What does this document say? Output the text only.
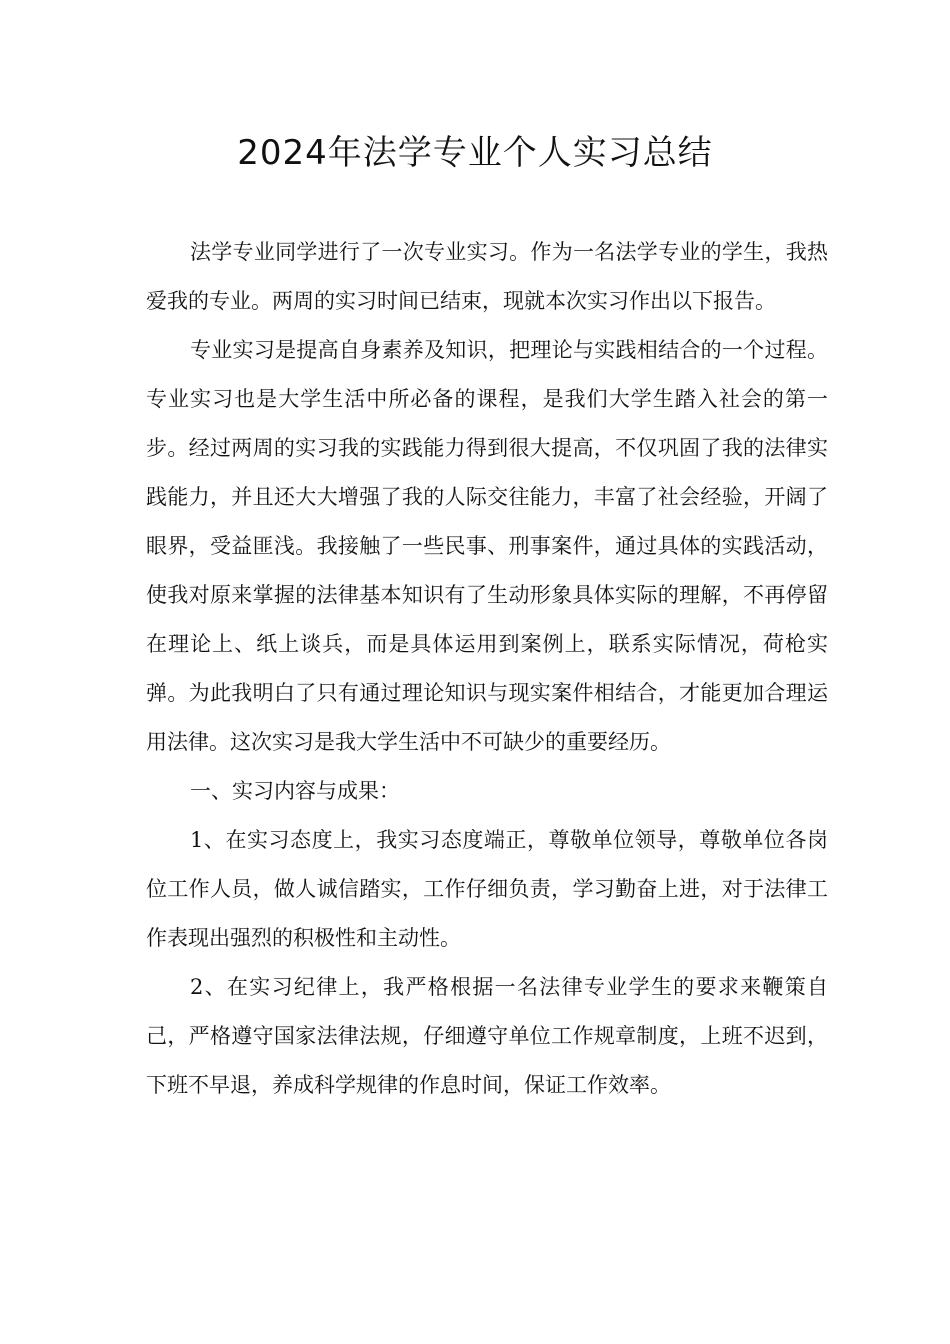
2024年法学专业个人实习总结

法学专业同学进行了一次专业实习。作为一名法学专业的学生，我热爱我的专业。两周的实习时间已结束，现就本次实习作出以下报告。

专业实习是提高自身素养及知识，把理论与实践相结合的一个过程。专业实习也是大学生活中所必备的课程，是我们大学生踏入社会的第一步。经过两周的实习我的实践能力得到很大提高，不仅巩固了我的法律实践能力，并且还大大增强了我的人际交往能力，丰富了社会经验，开阔了眼界，受益匪浅。我接触了一些民事、刑事案件，通过具体的实践活动，使我对原来掌握的法律基本知识有了生动形象具体实际的理解，不再停留在理论上、纸上谈兵，而是具体运用到案例上，联系实际情况，荷枪实弹。为此我明白了只有通过理论知识与现实案件相结合，才能更加合理运用法律。这次实习是我大学生活中不可缺少的重要经历。

一、实习内容与成果：

1、在实习态度上，我实习态度端正，尊敬单位领导，尊敬单位各岗位工作人员，做人诚信踏实，工作仔细负责，学习勤奋上进，对于法律工作表现出强烈的积极性和主动性。

2、在实习纪律上，我严格根据一名法律专业学生的要求来鞭策自己，严格遵守国家法律法规，仔细遵守单位工作规章制度，上班不迟到，下班不早退，养成科学规律的作息时间，保证工作效率。
